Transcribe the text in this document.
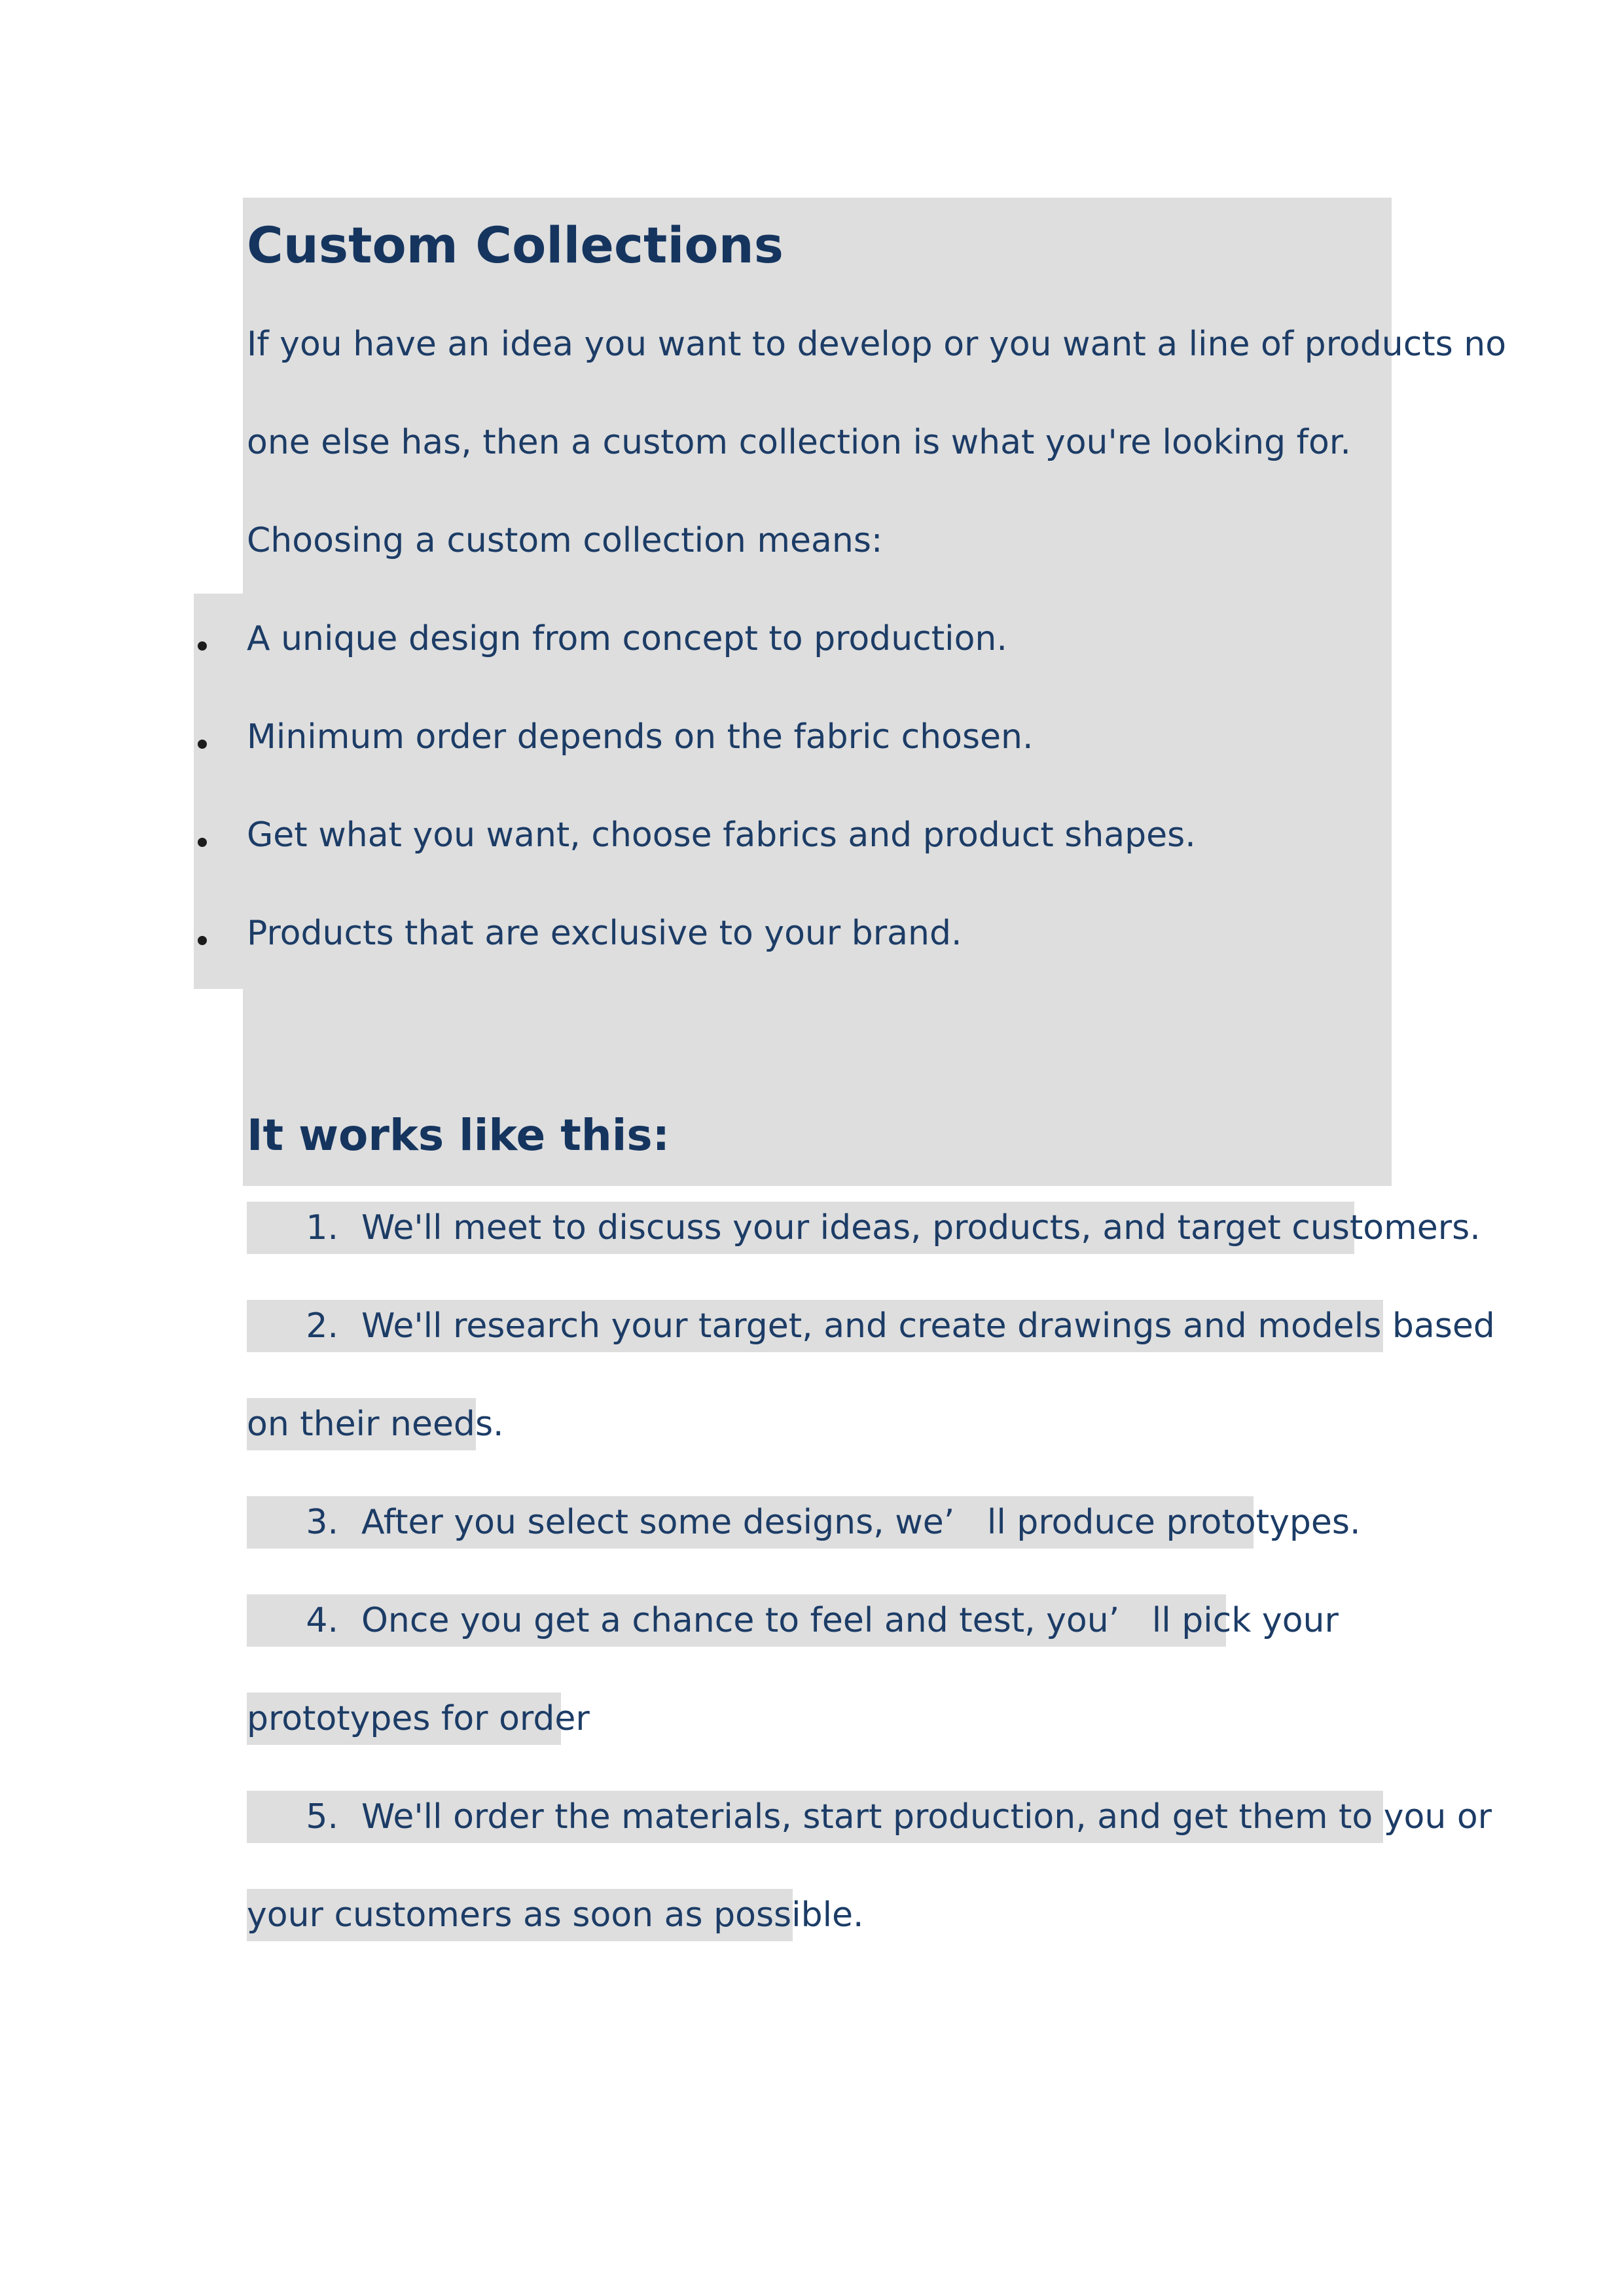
Custom Collections
If you have an idea you want to develop or you want a line of products no
one else has, then a custom collection is what you're looking for.
Choosing a custom collection means:
A unique design from concept to production.
Minimum order depends on the fabric chosen.
Get what you want, choose fabrics and product shapes.
Products that are exclusive to your brand.
It works like this:
1. We'll meet to discuss your ideas, products, and target customers.
2. We'll research your target, and create drawings and models based
on their needs.
3. After you select some designs, we’   ll produce prototypes.
4. Once you get a chance to feel and test, you’   ll pick your
prototypes for order
5. We'll order the materials, start production, and get them to you or
your customers as soon as possible.
